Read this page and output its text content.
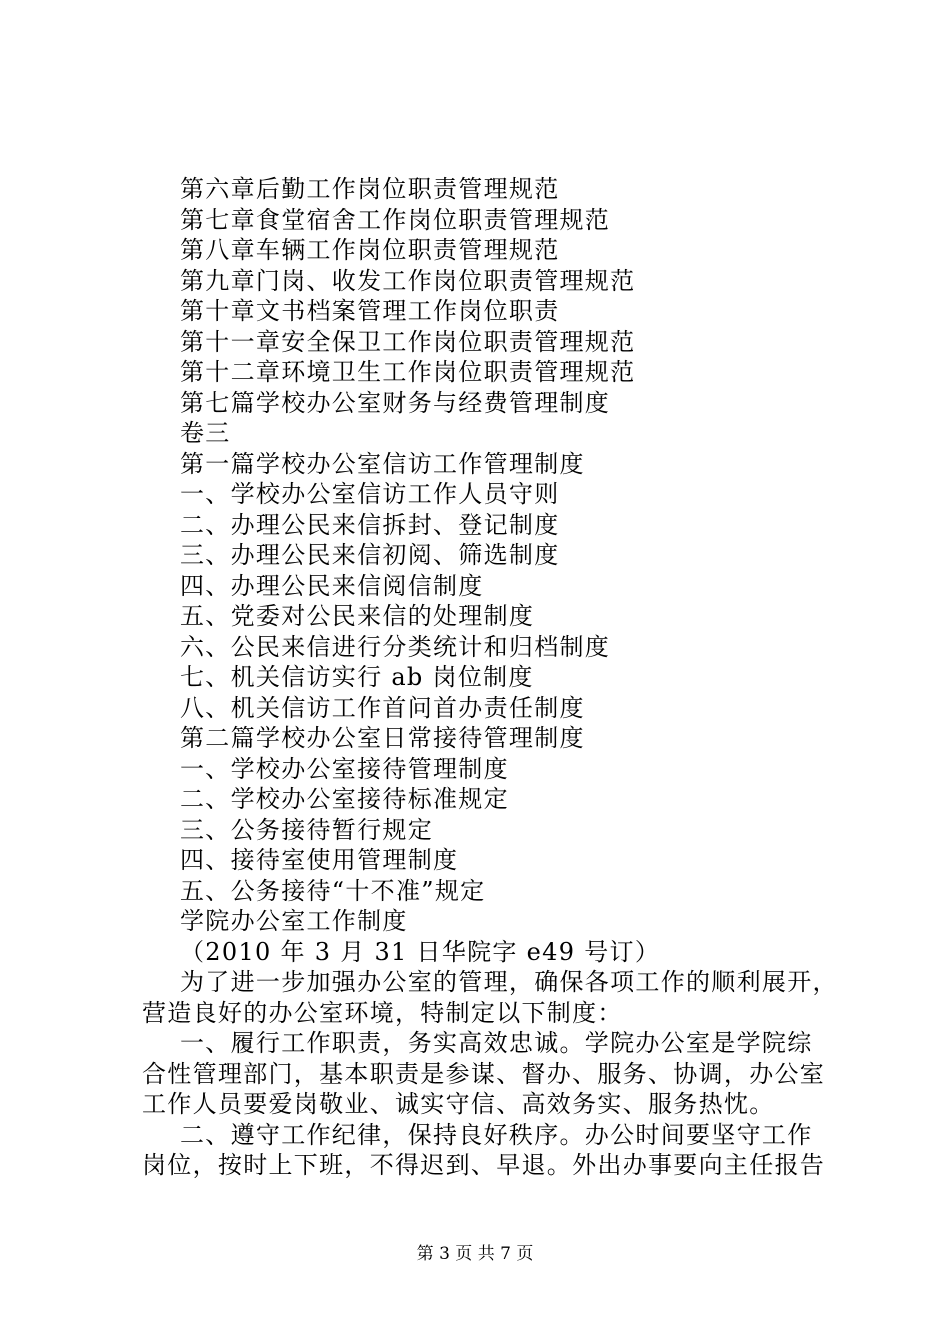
第六章后勤工作岗位职责管理规范
第七章食堂宿舍工作岗位职责管理规范
第八章车辆工作岗位职责管理规范
第九章门岗、收发工作岗位职责管理规范
第十章文书档案管理工作岗位职责
第十一章安全保卫工作岗位职责管理规范
第十二章环境卫生工作岗位职责管理规范
第七篇学校办公室财务与经费管理制度
卷三
第一篇学校办公室信访工作管理制度
一、学校办公室信访工作人员守则
二、办理公民来信拆封、登记制度
三、办理公民来信初阅、筛选制度
四、办理公民来信阅信制度
五、党委对公民来信的处理制度
六、公民来信进行分类统计和归档制度
七、机关信访实行 ab 岗位制度
八、机关信访工作首问首办责任制度
第二篇学校办公室日常接待管理制度
一、学校办公室接待管理制度
二、学校办公室接待标准规定
三、公务接待暂行规定
四、接待室使用管理制度
五、公务接待“十不准”规定
学院办公室工作制度
（2010 年 3 月 31 日华院字 e49 号订）
为了进一步加强办公室的管理，确保各项工作的顺利展开，
营造良好的办公室环境，特制定以下制度：
一、履行工作职责，务实高效忠诚。学院办公室是学院综
合性管理部门，基本职责是参谋、督办、服务、协调，办公室
工作人员要爱岗敬业、诚实守信、高效务实、服务热忱。
二、遵守工作纪律，保持良好秩序。办公时间要坚守工作
岗位，按时上下班，不得迟到、早退。外出办事要向主任报告
第 3 页 共 7 页
